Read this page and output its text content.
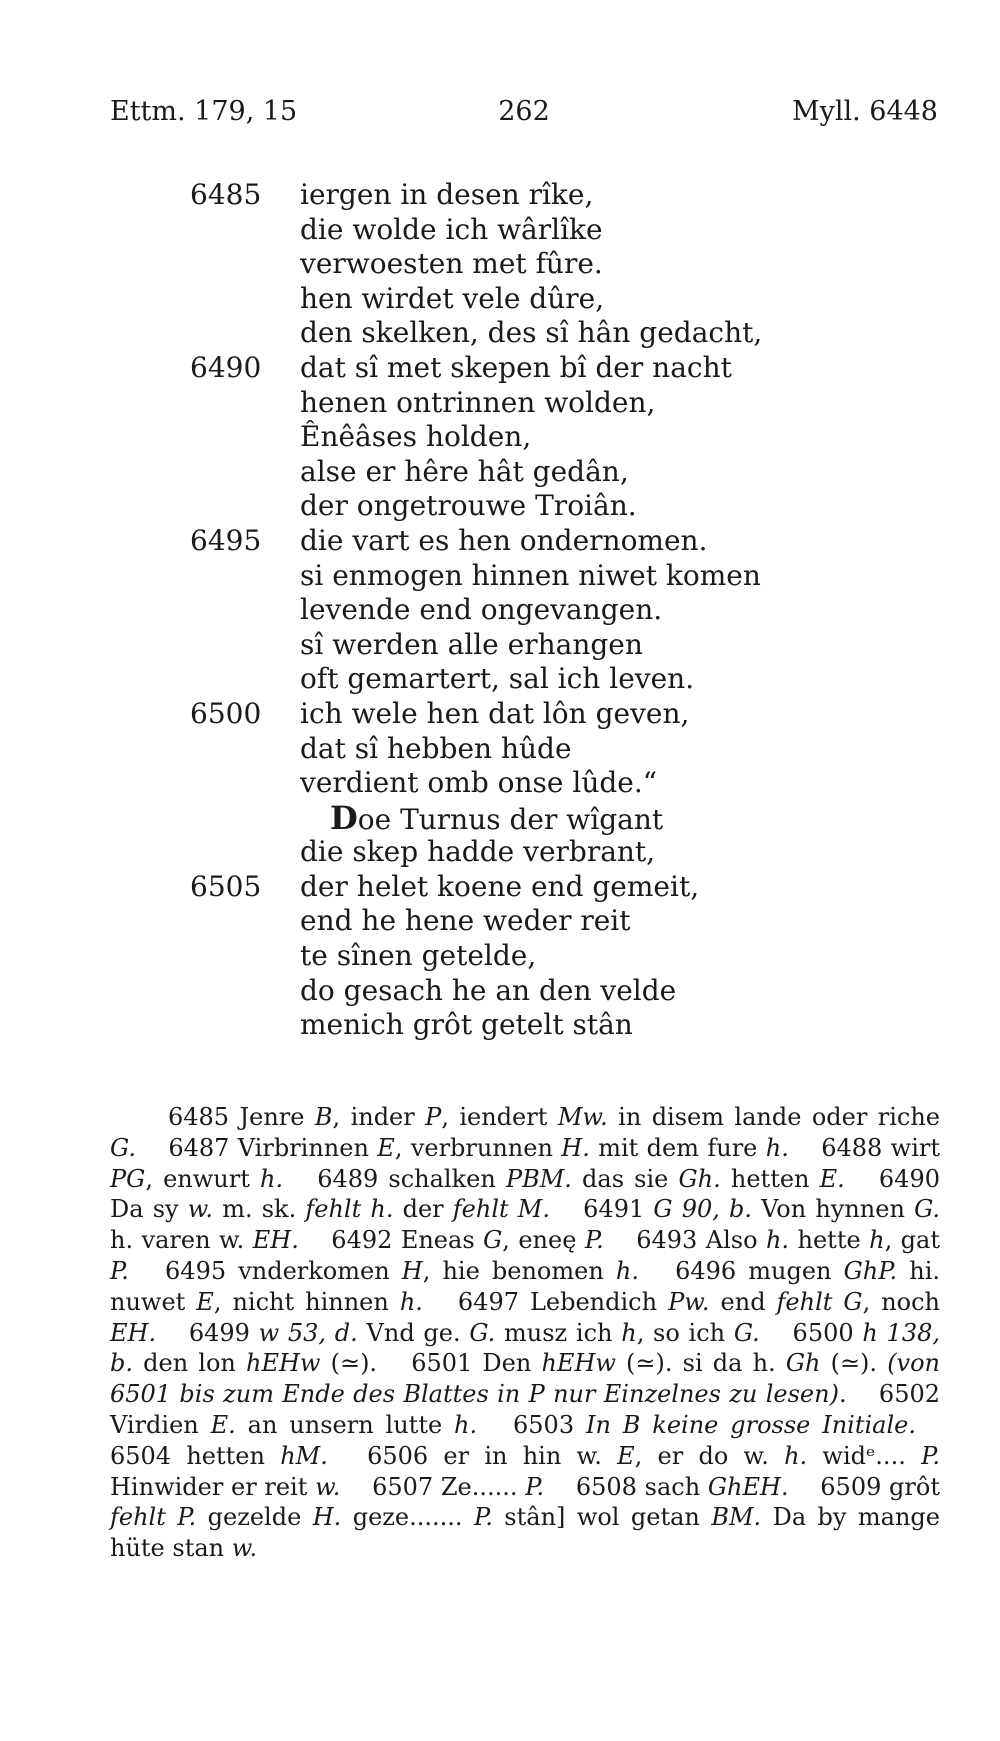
Ettm. 179, 15	262	Myll. 6448
6485 iergen in desen rîke,
die wolde ich wârlîke
verwoesten met fûre.
hen wirdet vele dûre,
den skelken, des sî hân gedacht,
6490 dat sî met skepen bî der nacht
henen ontrinnen wolden,
Ênêâses holden,
alse er hêre hât gedân,
der ongetrouwe Troiân.
6495 die vart es hen ondernomen.
si enmogen hinnen niwet komen
levende end ongevangen.
sî werden alle erhangen
oft gemartert, sal ich leven.
6500 ich wele hen dat lôn geven,
dat sî hebben hûde
verdient omb onse lûde.“
Doe Turnus der wîgant
die skep hadde verbrant,
6505 der helet koene end gemeit,
end he hene weder reit
te sînen getelde,
do gesach he an den velde
menich grôt getelt stân

6485 Jenre B, inder P, iendert Mw. in disem lande oder riche G.  6487 Virbrinnen E, verbrunnen H. mit dem fure h.  6488 wirt PG, enwurt h.  6489 schalken PBM. das sie Gh. hetten E.  6490 Da sy w. m. sk. fehlt h. der fehlt M.  6491 G 90, b. Von hynnen G. h. varen w. EH.  6492 Eneas G, eneę P.  6493 Also h. hette h, gat P.  6495 vnderkomen H, hie benomen h.  6496 mugen GhP. hi. nuwet E, nicht hinnen h.  6497 Lebendich Pw. end fehlt G, noch EH.  6499 w 53, d. Vnd ge. G. musz ich h, so ich G.  6500 h 138, b. den lon hEHw (≃).  6501 Den hEHw (≃). si da h. Gh (≃). (von 6501 bis zum Ende des Blattes in P nur Einzelnes zu lesen).  6502 Virdien E. an unsern lutte h.  6503 In B keine grosse Initiale.  6504 hetten hM.  6506 er in hin w. E, er do w. h. widᵉ.... P. Hinwider er reit w.  6507 Ze...... P.  6508 sach GhEH.  6509 grôt fehlt P. gezelde H. geze....... P. stân] wol getan BM. Da by mange hüte stan w.
